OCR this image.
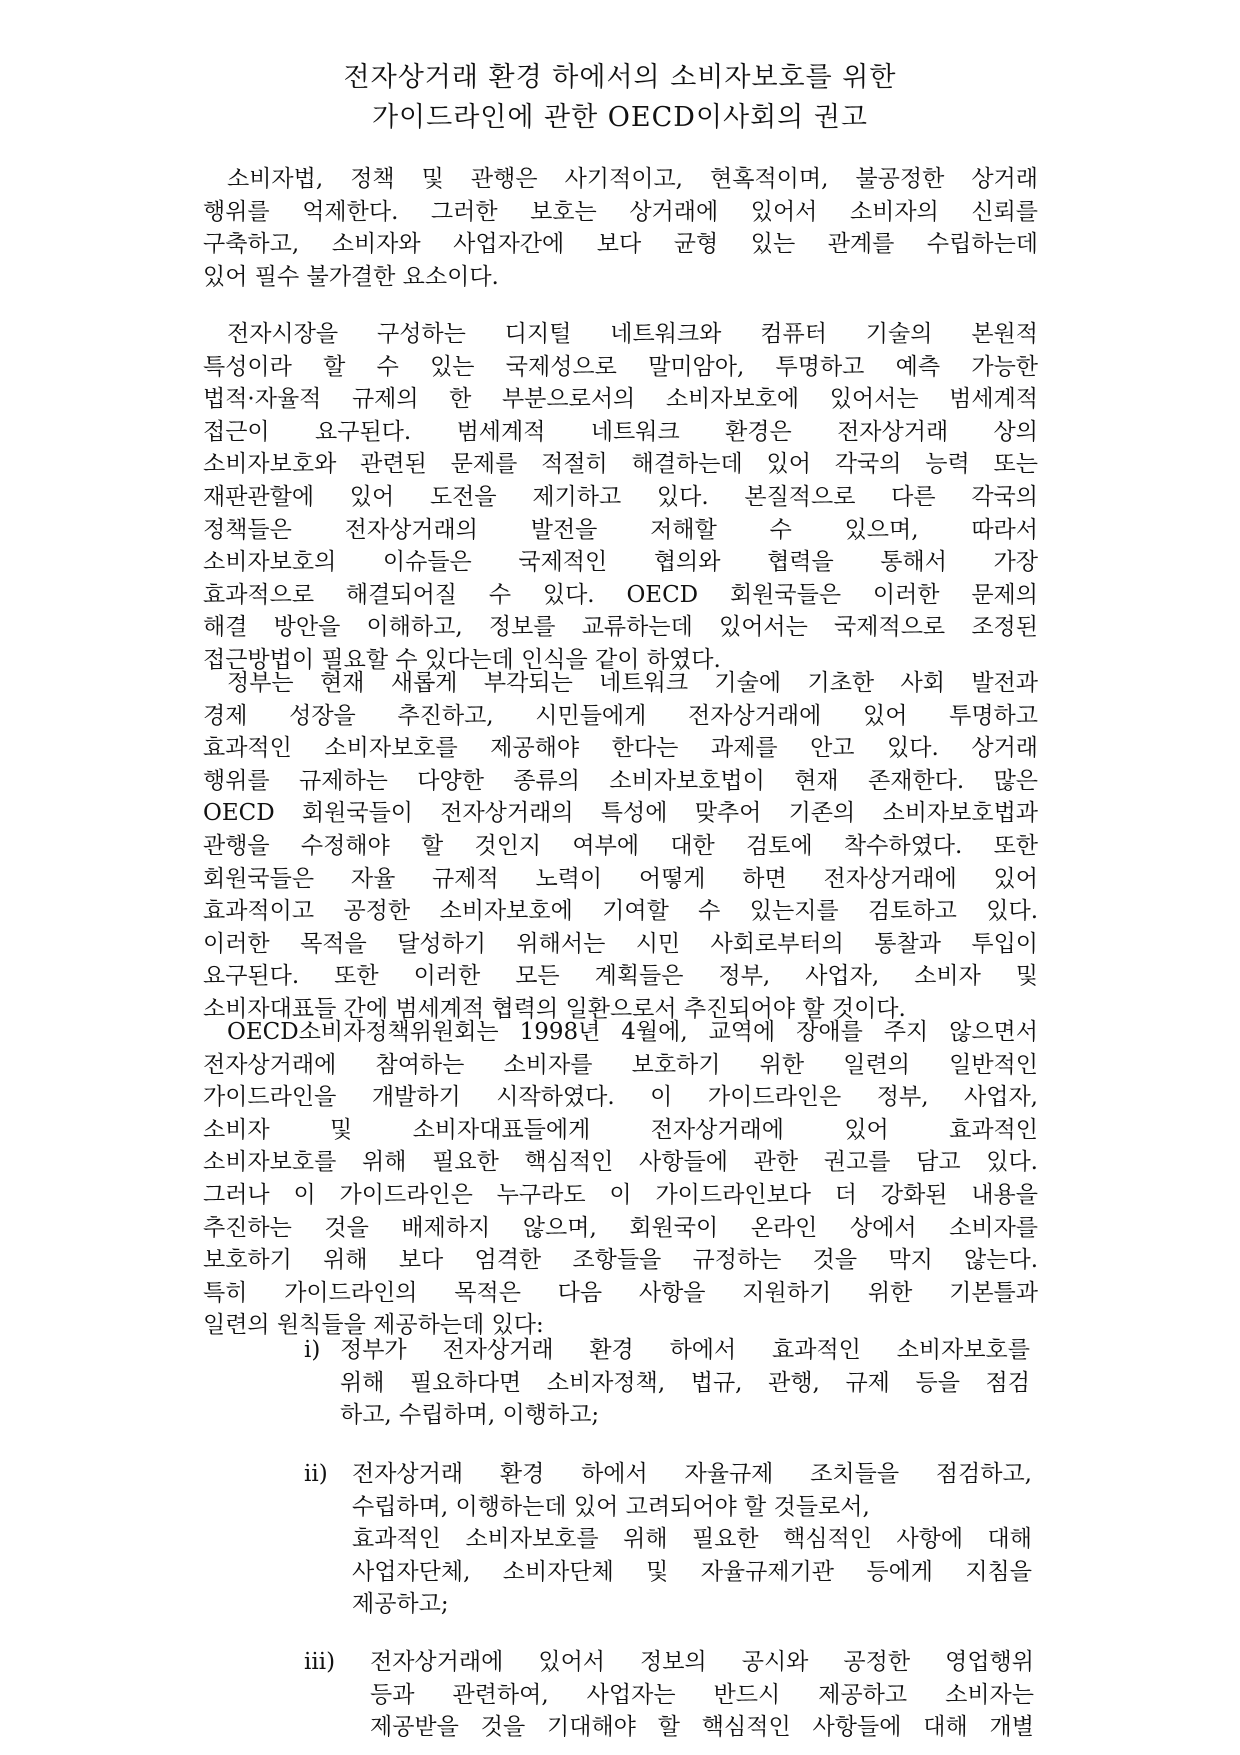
전자상거래 환경 하에서의 소비자보호를 위한
가이드라인에 관한 OECD이사회의 권고
소비자법, 정책 및 관행은 사기적이고, 현혹적이며, 불공정한 상거래
행위를 억제한다. 그러한 보호는 상거래에 있어서 소비자의 신뢰를
구축하고, 소비자와 사업자간에 보다 균형 있는 관계를 수립하는데
있어 필수 불가결한 요소이다.
전자시장을 구성하는 디지털 네트워크와 컴퓨터 기술의 본원적
특성이라 할 수 있는 국제성으로 말미암아, 투명하고 예측 가능한
법적·자율적 규제의 한 부분으로서의 소비자보호에 있어서는 범세계적
접근이 요구된다. 범세계적 네트워크 환경은 전자상거래 상의
소비자보호와 관련된 문제를 적절히 해결하는데 있어 각국의 능력 또는
재판관할에 있어 도전을 제기하고 있다. 본질적으로 다른 각국의
정책들은 전자상거래의 발전을 저해할 수 있으며, 따라서
소비자보호의 이슈들은 국제적인 협의와 협력을 통해서 가장
효과적으로 해결되어질 수 있다. OECD 회원국들은 이러한 문제의
해결 방안을 이해하고, 정보를 교류하는데 있어서는 국제적으로 조정된
접근방법이 필요할 수 있다는데 인식을 같이 하였다.
정부는 현재 새롭게 부각되는 네트워크 기술에 기초한 사회 발전과
경제 성장을 추진하고, 시민들에게 전자상거래에 있어 투명하고
효과적인 소비자보호를 제공해야 한다는 과제를 안고 있다. 상거래
행위를 규제하는 다양한 종류의 소비자보호법이 현재 존재한다. 많은
OECD 회원국들이 전자상거래의 특성에 맞추어 기존의 소비자보호법과
관행을 수정해야 할 것인지 여부에 대한 검토에 착수하였다. 또한
회원국들은 자율 규제적 노력이 어떻게 하면 전자상거래에 있어
효과적이고 공정한 소비자보호에 기여할 수 있는지를 검토하고 있다.
이러한 목적을 달성하기 위해서는 시민 사회로부터의 통찰과 투입이
요구된다. 또한 이러한 모든 계획들은 정부, 사업자, 소비자 및
소비자대표들 간에 범세계적 협력의 일환으로서 추진되어야 할 것이다.
OECD소비자정책위원회는 1998년 4월에, 교역에 장애를 주지 않으면서
전자상거래에 참여하는 소비자를 보호하기 위한 일련의 일반적인
가이드라인을 개발하기 시작하였다. 이 가이드라인은 정부, 사업자,
소비자 및 소비자대표들에게 전자상거래에 있어 효과적인
소비자보호를 위해 필요한 핵심적인 사항들에 관한 권고를 담고 있다.
그러나 이 가이드라인은 누구라도 이 가이드라인보다 더 강화된 내용을
추진하는 것을 배제하지 않으며, 회원국이 온라인 상에서 소비자를
보호하기 위해 보다 엄격한 조항들을 규정하는 것을 막지 않는다.
특히 가이드라인의 목적은 다음 사항을 지원하기 위한 기본틀과
일련의 원칙들을 제공하는데 있다:
i) 정부가 전자상거래 환경 하에서 효과적인 소비자보호를
위해 필요하다면 소비자정책, 법규, 관행, 규제 등을 점검
하고, 수립하며, 이행하고;
ii) 전자상거래 환경 하에서 자율규제 조치들을 점검하고,
수립하며, 이행하는데 있어 고려되어야 할 것들로서,
효과적인 소비자보호를 위해 필요한 핵심적인 사항에 대해
사업자단체, 소비자단체 및 자율규제기관 등에게 지침을
제공하고;
iii) 전자상거래에 있어서 정보의 공시와 공정한 영업행위
등과 관련하여, 사업자는 반드시 제공하고 소비자는
제공받을 것을 기대해야 할 핵심적인 사항들에 대해 개별
